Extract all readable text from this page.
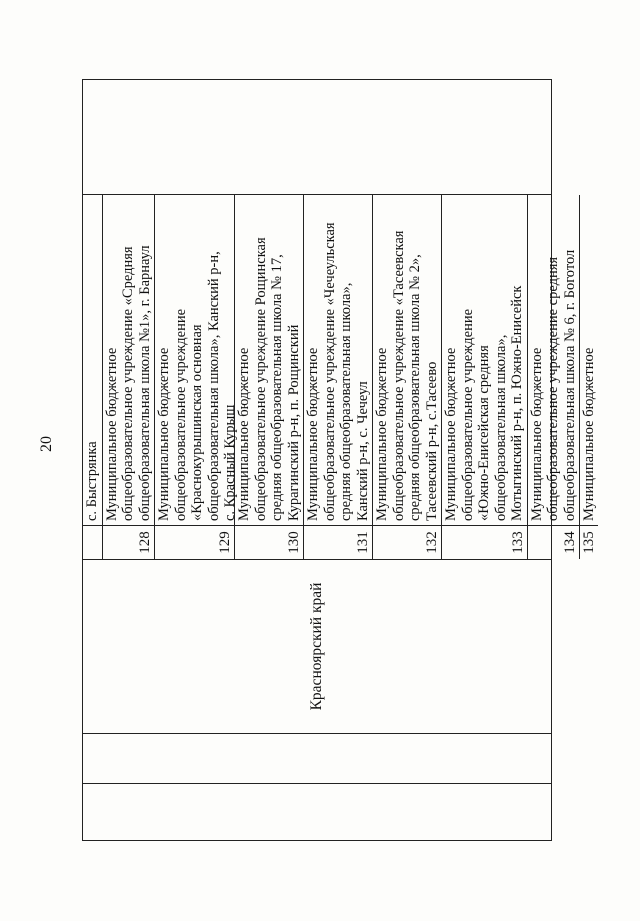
20
Красноярский край
с. Быстрянка
128
Муниципальное бюджетное
общеобразовательное учреждение «Средняя
общеобразовательная школа №1», г. Барнаул
129
Муниципальное бюджетное
общеобразовательное учреждение
«Краснокурышинская основная
общеобразовательная школа», Канский р-н,
с. Красный Курыш
130
Муниципальное бюджетное
общеобразовательное учреждение Рощинская
средняя общеобразовательная школа № 17,
Курагинский р-н, п. Рощинский
131
Муниципальное бюджетное
общеобразовательное учреждение «Чечеульская
средняя общеобразовательная школа»,
Канский р-н, с. Чечеул
132
Муниципальное бюджетное
общеобразовательное учреждение «Тасеевская
средняя общеобразовательная школа № 2»,
Тасеевский р-н, с.Тасеево
133
Муниципальное бюджетное
общеобразовательное учреждение
«Южно-Енисейская средняя
общеобразовательная школа»,
Мотыгинский р-н, п. Южно-Енисейск
134
Муниципальное бюджетное
общеобразовательное учреждение средняя
общеобразовательная школа № 6, г. Боготол
135
Муниципальное бюджетное
